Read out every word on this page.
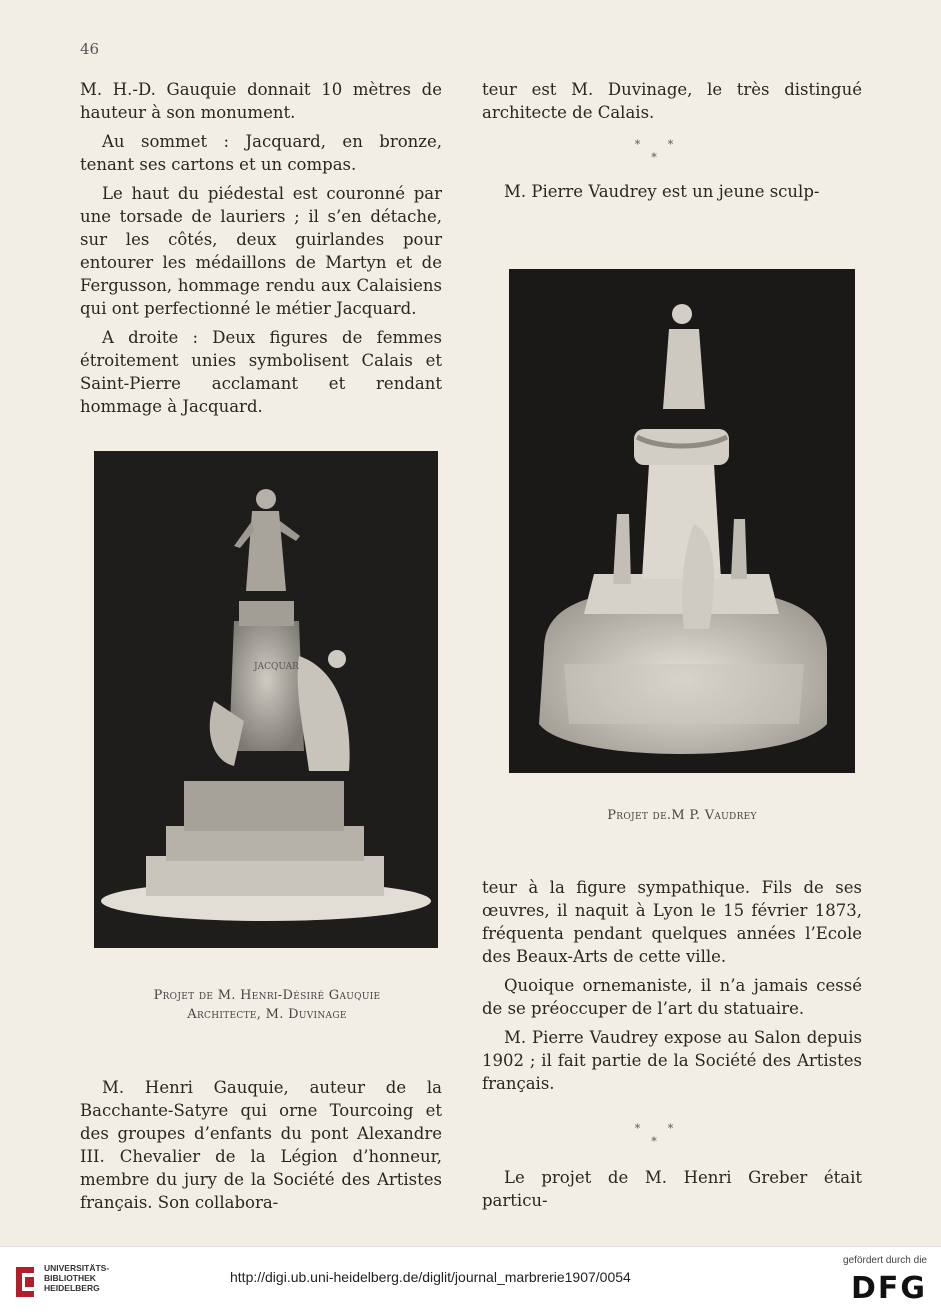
46

M. H.-D. Gauquie donnait 10 mètres de hauteur à son monument.

Au sommet : Jacquard, en bronze, tenant ses cartons et un compas.

Le haut du piédestal est couronné par une torsade de lauriers ; il s’en détache, sur les côtés, deux guirlandes pour entourer les médaillons de Martyn et de Fergusson, hommage rendu aux Calaisiens qui ont perfectionné le métier Jacquard.

A droite : Deux figures de femmes étroitement unies symbolisent Calais et Saint-Pierre acclamant et rendant hommage à Jacquard.

JACQUAR
Projet de M. Henri-Désiré Gauquie
Architecte, M. Duvinage

M. Henri Gauquie, auteur de la Bacchante-Satyre qui orne Tourcoing et des groupes d’enfants du pont Alexandre III. Chevalier de la Légion d’honneur, membre du jury de la Société des Artistes français. Son collabora-

teur est M. Duvinage, le très distingué architecte de Calais.

* * *

M. Pierre Vaudrey est un jeune sculp-

Projet de.M P. Vaudrey

teur à la figure sympathique. Fils de ses œuvres, il naquit à Lyon le 15 février 1873, fréquenta pendant quelques années l’Ecole des Beaux-Arts de cette ville.

Quoique ornemaniste, il n’a jamais cessé de se préoccuper de l’art du statuaire.

M. Pierre Vaudrey expose au Salon depuis 1902 ; il fait partie de la Société des Artistes français.

* * *

Le projet de M. Henri Greber était particu-

UNIVERSITÄTS-
BIBLIOTHEK
HEIDELBERG
http://digi.ub.uni-heidelberg.de/diglit/journal_marbrerie1907/0054
gefördert durch die
DFG
